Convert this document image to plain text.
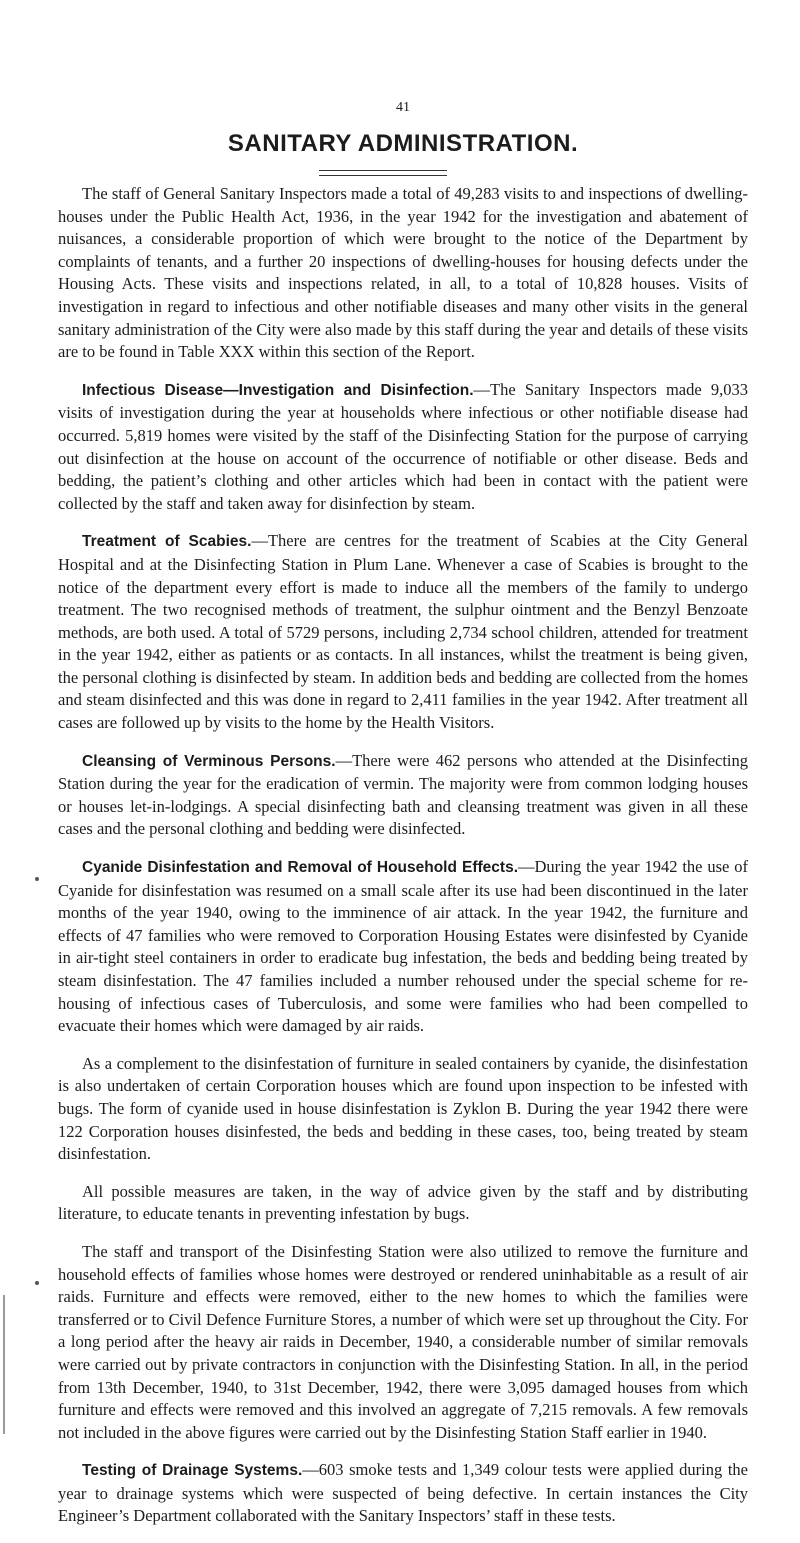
41
SANITARY ADMINISTRATION.

The staff of General Sanitary Inspectors made a total of 49,283 visits to and inspections of dwelling-houses under the Public Health Act, 1936, in the year 1942 for the investigation and abatement of nuisances, a considerable proportion of which were brought to the notice of the Department by complaints of tenants, and a further 20 inspections of dwelling-houses for housing defects under the Housing Acts. These visits and inspections related, in all, to a total of 10,828 houses. Visits of investigation in regard to infectious and other notifiable diseases and many other visits in the general sanitary administration of the City were also made by this staff during the year and details of these visits are to be found in Table XXX within this section of the Report.

Infectious Disease—Investigation and Disinfection.—The Sanitary Inspectors made 9,033 visits of investigation during the year at households where infectious or other notifiable disease had occurred. 5,819 homes were visited by the staff of the Disinfecting Station for the purpose of carrying out disinfection at the house on account of the occurrence of notifiable or other disease. Beds and bedding, the patient’s clothing and other articles which had been in contact with the patient were collected by the staff and taken away for disinfection by steam.

Treatment of Scabies.—There are centres for the treatment of Scabies at the City General Hospital and at the Disinfecting Station in Plum Lane. Whenever a case of Scabies is brought to the notice of the department every effort is made to induce all the members of the family to undergo treatment. The two recognised methods of treatment, the sulphur ointment and the Benzyl Benzoate methods, are both used. A total of 5729 persons, including 2,734 school children, attended for treatment in the year 1942, either as patients or as contacts. In all instances, whilst the treatment is being given, the personal clothing is disinfected by steam. In addition beds and bedding are collected from the homes and steam disinfected and this was done in regard to 2,411 families in the year 1942. After treatment all cases are followed up by visits to the home by the Health Visitors.

Cleansing of Verminous Persons.—There were 462 persons who attended at the Disinfecting Station during the year for the eradication of vermin. The majority were from common lodging houses or houses let-in-lodgings. A special disinfecting bath and cleansing treatment was given in all these cases and the personal clothing and bedding were disinfected.

Cyanide Disinfestation and Removal of Household Effects.—During the year 1942 the use of Cyanide for disinfestation was resumed on a small scale after its use had been discontinued in the later months of the year 1940, owing to the imminence of air attack. In the year 1942, the furniture and effects of 47 families who were removed to Corporation Housing Estates were disinfested by Cyanide in air-tight steel containers in order to eradicate bug infestation, the beds and bedding being treated by steam disinfestation. The 47 families included a number rehoused under the special scheme for re-housing of infectious cases of Tuberculosis, and some were families who had been compelled to evacuate their homes which were damaged by air raids.

As a complement to the disinfestation of furniture in sealed containers by cyanide, the disinfestation is also undertaken of certain Corporation houses which are found upon inspection to be infested with bugs. The form of cyanide used in house disinfestation is Zyklon B. During the year 1942 there were 122 Corporation houses disinfested, the beds and bedding in these cases, too, being treated by steam disinfestation.

All possible measures are taken, in the way of advice given by the staff and by distributing literature, to educate tenants in preventing infestation by bugs.

The staff and transport of the Disinfesting Station were also utilized to remove the furniture and household effects of families whose homes were destroyed or rendered uninhabitable as a result of air raids. Furniture and effects were removed, either to the new homes to which the families were transferred or to Civil Defence Furniture Stores, a number of which were set up throughout the City. For a long period after the heavy air raids in December, 1940, a considerable number of similar removals were carried out by private contractors in conjunction with the Disinfesting Station. In all, in the period from 13th December, 1940, to 31st December, 1942, there were 3,095 damaged houses from which furniture and effects were removed and this involved an aggregate of 7,215 removals. A few removals not included in the above figures were carried out by the Disinfesting Station Staff earlier in 1940.

Testing of Drainage Systems.—603 smoke tests and 1,349 colour tests were applied during the year to drainage systems which were suspected of being defective. In certain instances the City Engineer’s Department collaborated with the Sanitary Inspectors’ staff in these tests.
